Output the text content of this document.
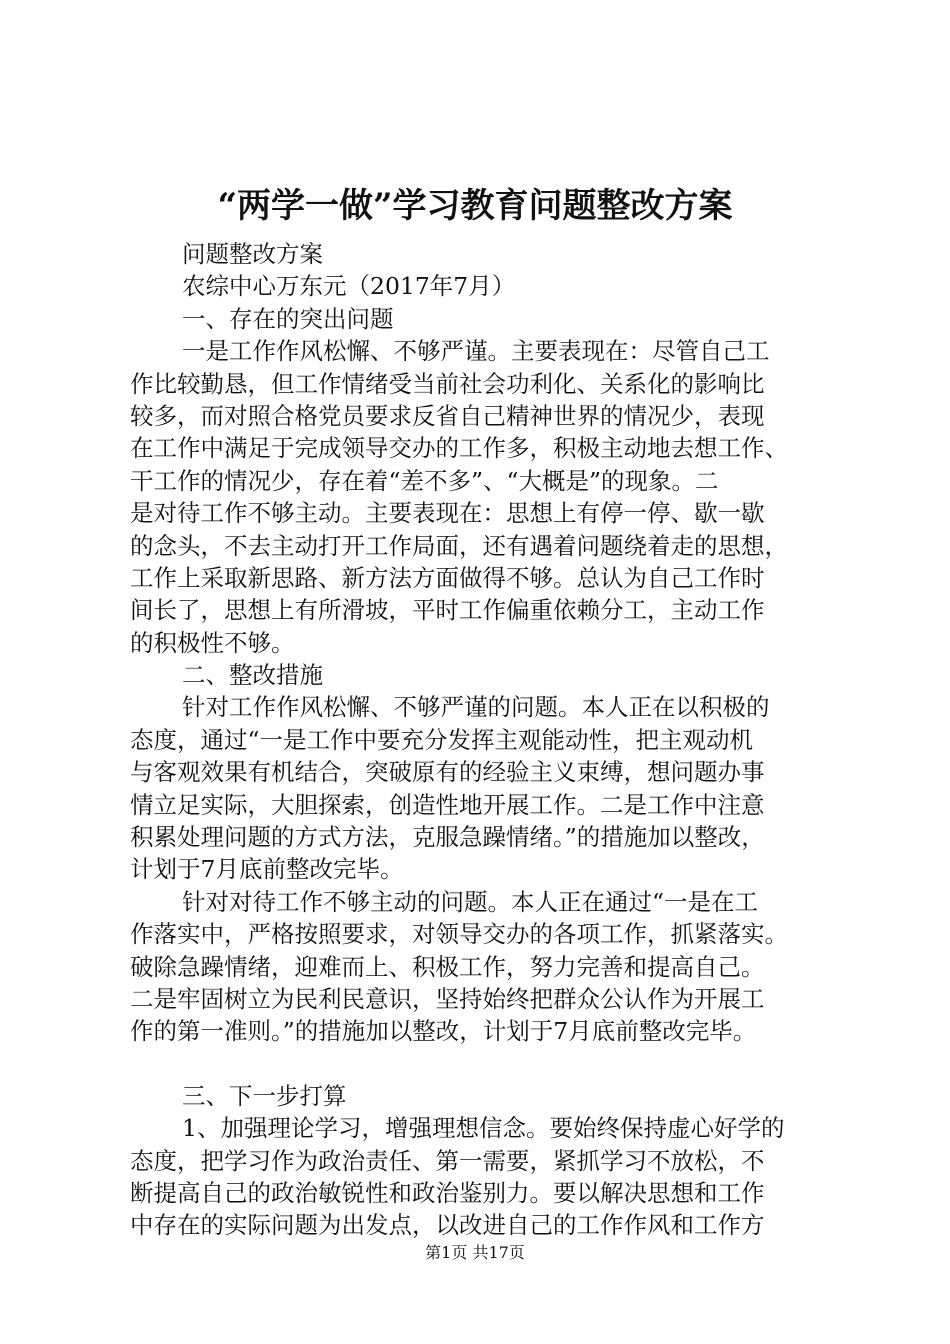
“两学一做”学习教育问题整改方案
问题整改方案
农综中心万东元（2017年7月）
一、存在的突出问题
一是工作作风松懈、不够严谨。主要表现在：尽管自己工
作比较勤恳，但工作情绪受当前社会功利化、关系化的影响比
较多，而对照合格党员要求反省自己精神世界的情况少，表现
在工作中满足于完成领导交办的工作多，积极主动地去想工作、
干工作的情况少，存在着“差不多”、“大概是”的现象。二
是对待工作不够主动。主要表现在：思想上有停一停、歇一歇
的念头，不去主动打开工作局面，还有遇着问题绕着走的思想，
工作上采取新思路、新方法方面做得不够。总认为自己工作时
间长了，思想上有所滑坡，平时工作偏重依赖分工，主动工作
的积极性不够。
二、整改措施
针对工作作风松懈、不够严谨的问题。本人正在以积极的
态度，通过“一是工作中要充分发挥主观能动性，把主观动机
与客观效果有机结合，突破原有的经验主义束缚，想问题办事
情立足实际，大胆探索，创造性地开展工作。二是工作中注意
积累处理问题的方式方法，克服急躁情绪。”的措施加以整改，
计划于7月底前整改完毕。
针对对待工作不够主动的问题。本人正在通过“一是在工
作落实中，严格按照要求，对领导交办的各项工作，抓紧落实。
破除急躁情绪，迎难而上、积极工作，努力完善和提高自己。
二是牢固树立为民利民意识，坚持始终把群众公认作为开展工
作的第一准则。”的措施加以整改，计划于7月底前整改完毕。
三、下一步打算
1、加强理论学习，增强理想信念。要始终保持虚心好学的
态度，把学习作为政治责任、第一需要，紧抓学习不放松，不
断提高自己的政治敏锐性和政治鉴别力。要以解决思想和工作
中存在的实际问题为出发点，以改进自己的工作作风和工作方
第1页 共17页
